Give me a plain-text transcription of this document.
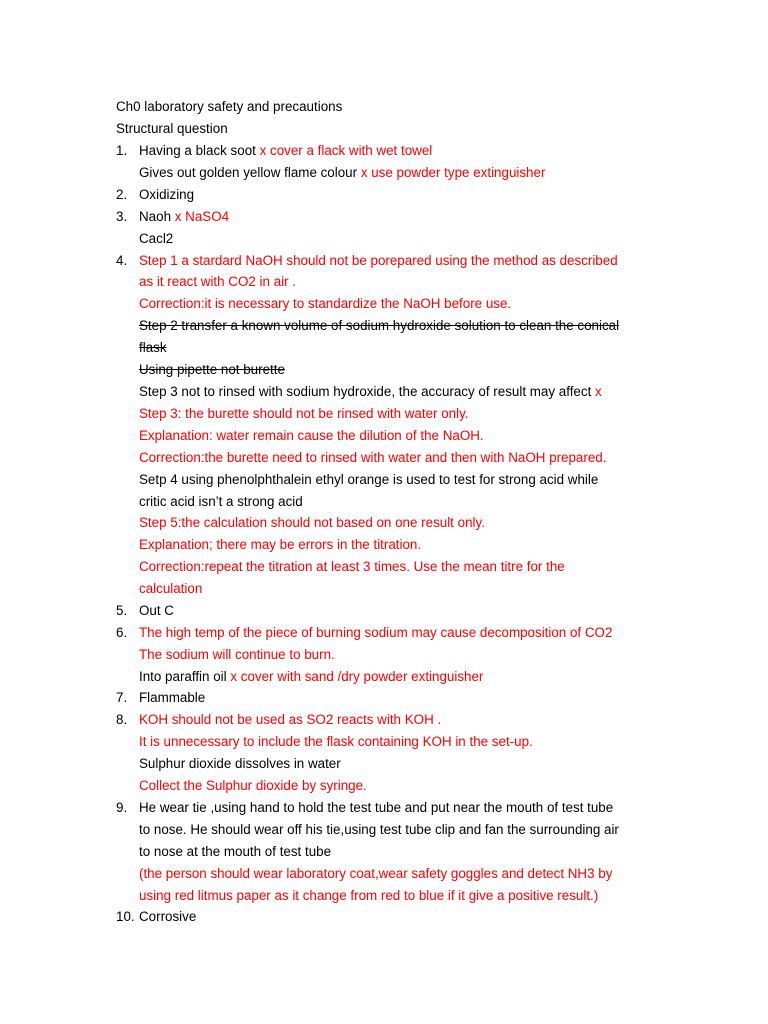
Ch0 laboratory safety and precautions
Structural question
1. Having a black soot x cover a flack with wet towel
Gives out golden yellow flame colour x use powder type extinguisher
2. Oxidizing
3. Naoh x NaSO4
Cacl2
4. Step 1 a stardard NaOH should not be porepared using the method as described
as it react with CO2 in air .
Correction:it is necessary to standardize the NaOH before use.
Step 2 transfer a known volume of sodium hydroxide solution to clean the conical
flask
Using pipette not burette
Step 3 not to rinsed with sodium hydroxide, the accuracy of result may affect x
Step 3: the burette should not be rinsed with water only.
Explanation: water remain cause the dilution of the NaOH.
Correction:the burette need to rinsed with water and then with NaOH prepared.
Setp 4 using phenolphthalein ethyl orange is used to test for strong acid while
critic acid isn’t a strong acid
Step 5:the calculation should not based on one result only.
Explanation; there may be errors in the titration.
Correction:repeat the titration at least 3 times. Use the mean titre for the
calculation
5. Out C
6. The high temp of the piece of burning sodium may cause decomposition of CO2
The sodium will continue to burn.
Into paraffin oil x cover with sand /dry powder extinguisher
7. Flammable
8. KOH should not be used as SO2 reacts with KOH .
It is unnecessary to include the flask containing KOH in the set-up.
Sulphur dioxide dissolves in water
Collect the Sulphur dioxide by syringe.
9. He wear tie ,using hand to hold the test tube and put near the mouth of test tube
to nose. He should wear off his tie,using test tube clip and fan the surrounding air
to nose at the mouth of test tube
(the person should wear laboratory coat,wear safety goggles and detect NH3 by
using red litmus paper as it change from red to blue if it give a positive result.)
10. Corrosive
